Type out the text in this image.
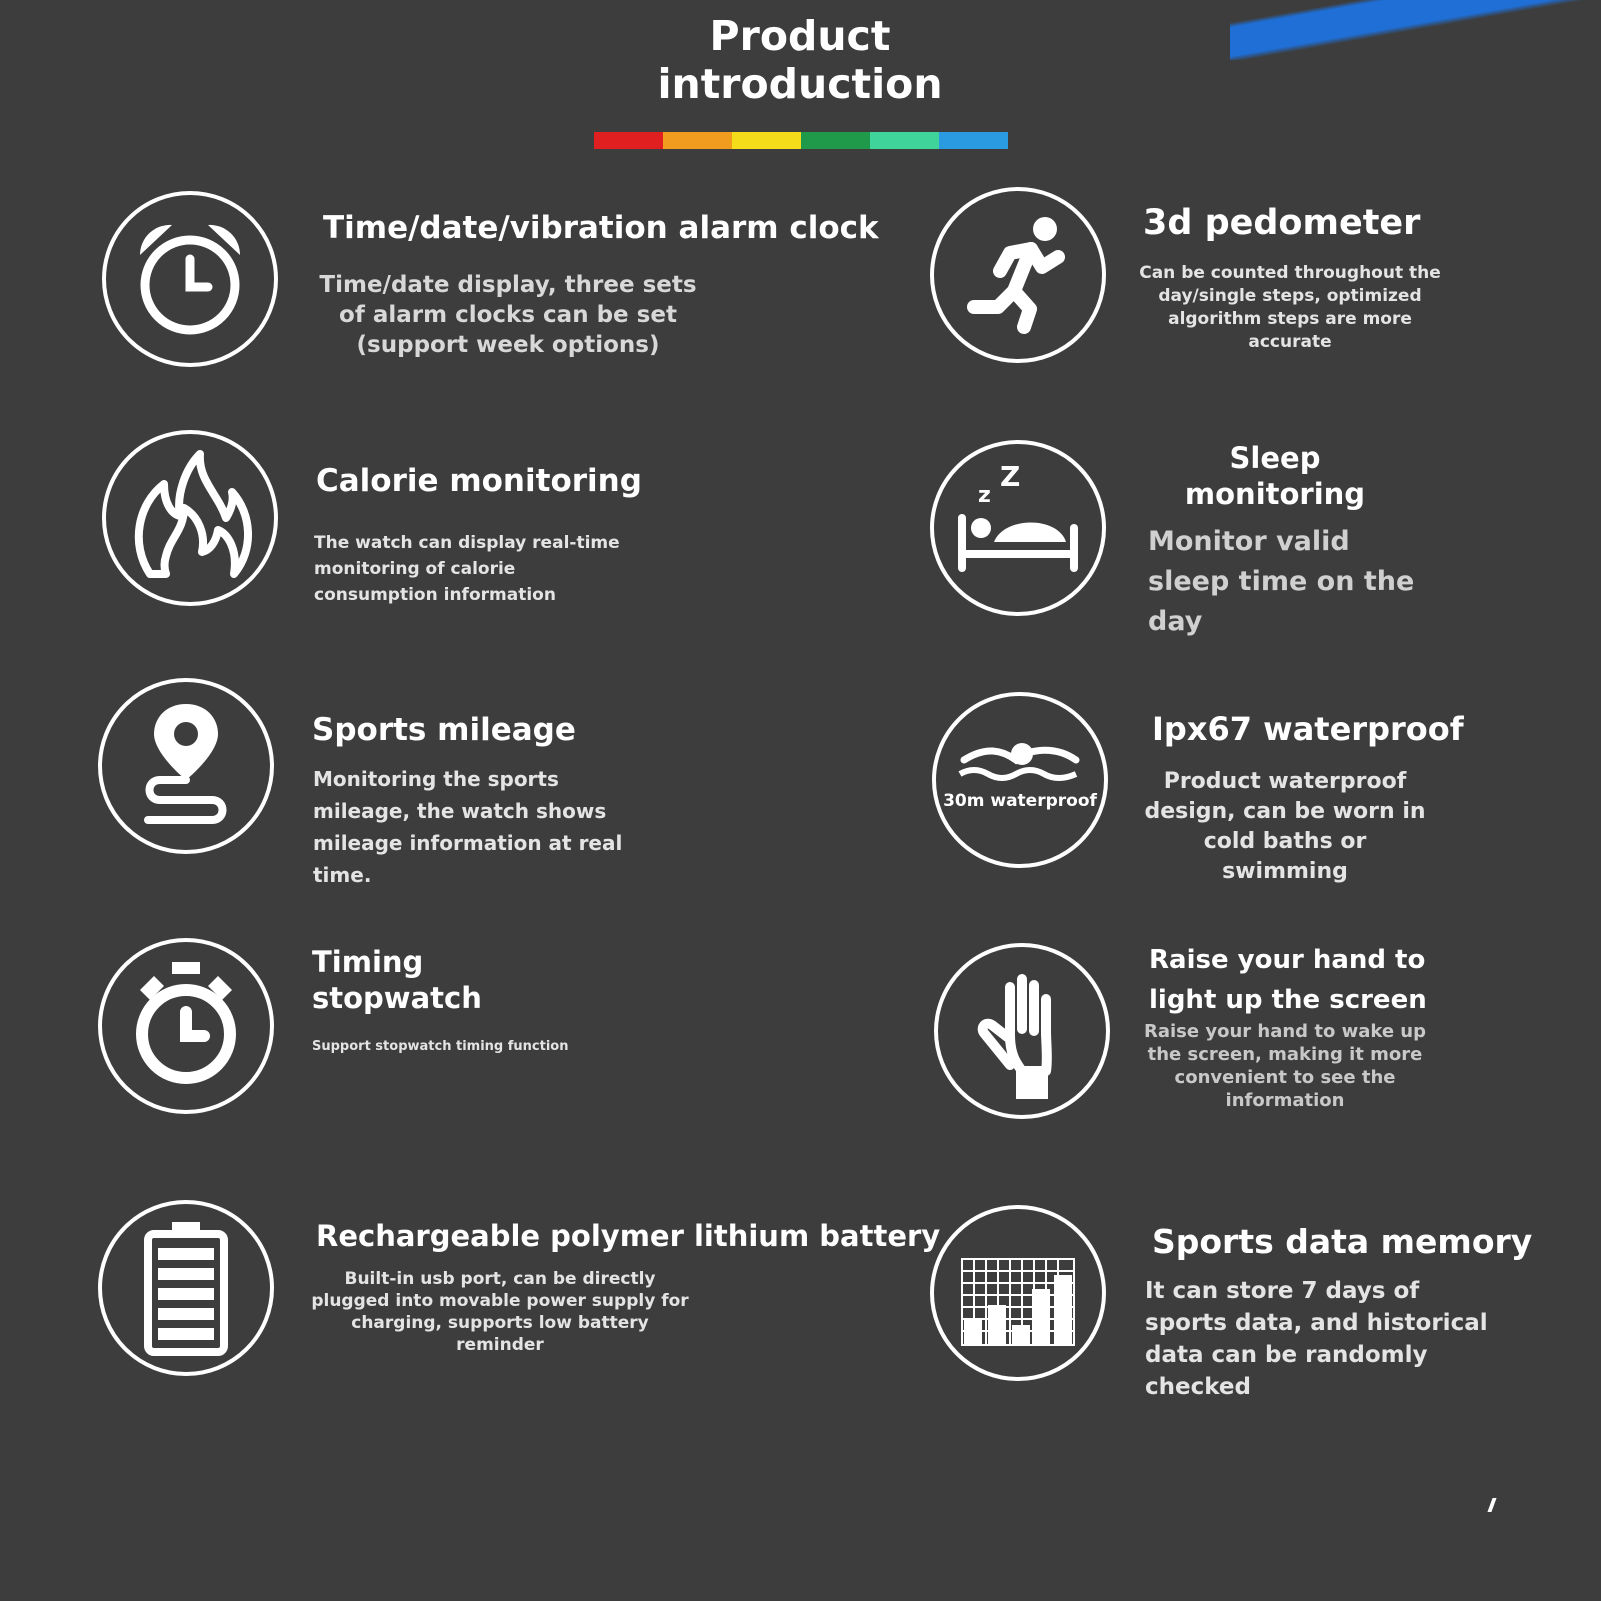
Product
introduction
Time/date/vibration alarm clock
Time/date display, three sets of alarm clocks can be set (support week options)
3d pedometer
Can be counted throughout the day/single steps, optimized algorithm steps are more accurate
Calorie monitoring
The watch can display real-time monitoring of calorie consumption information
z
Z
Sleep monitoring
Monitor valid sleep time on the day
Sports mileage
Monitoring the sports mileage, the watch shows mileage information at real time.
30m waterproof
Ipx67 waterproof
Product waterproof design, can be worn in cold baths or swimming
Timing stopwatch
Support stopwatch timing function
Raise your hand to light up the screen
Raise your hand to wake up the screen, making it more convenient to see the information
Rechargeable polymer lithium battery
Built-in usb port, can be directly plugged into movable power supply for charging, supports low battery reminder
Sports data memory
It can store 7 days of sports data, and historical data can be randomly checked
